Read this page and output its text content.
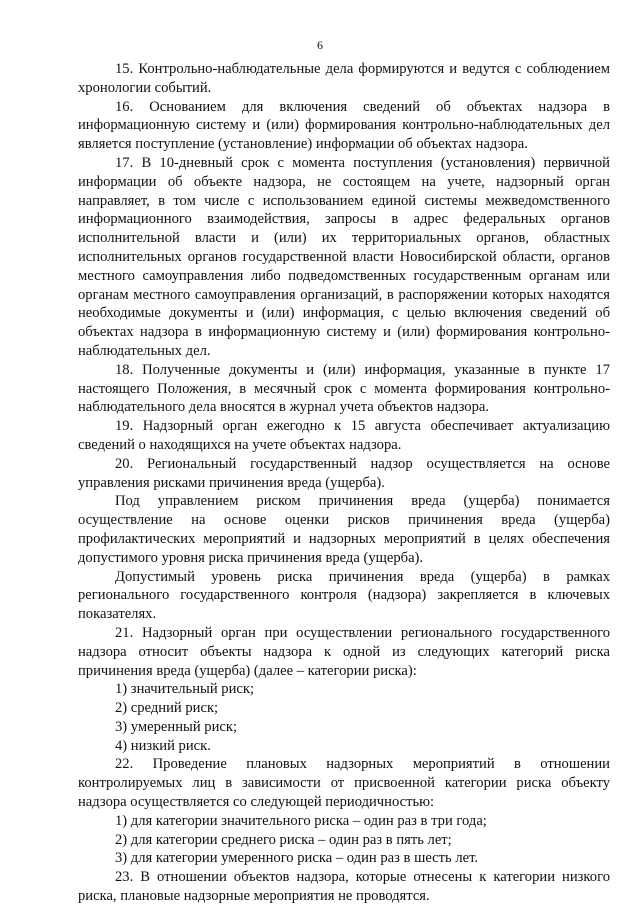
6

15. Контрольно-наблюдательные дела формируются и ведутся с соблюдением хронологии событий.

16. Основанием для включения сведений об объектах надзора в информационную систему и (или) формирования контрольно-наблюдательных дел является поступление (установление) информации об объектах надзора.

17. В 10-дневный срок с момента поступления (установления) первичной информации об объекте надзора, не состоящем на учете, надзорный орган направляет, в том числе с использованием единой системы межведомственного информационного взаимодействия, запросы в адрес федеральных органов исполнительной власти и (или) их территориальных органов, областных исполнительных органов государственной власти Новосибирской области, органов местного самоуправления либо подведомственных государственным органам или органам местного самоуправления организаций, в распоряжении которых находятся необходимые документы и (или) информация, с целью включения сведений об объектах надзора в информационную систему и (или) формирования контрольно-наблюдательных дел.

18. Полученные документы и (или) информация, указанные в пункте 17 настоящего Положения, в месячный срок с момента формирования контрольно-наблюдательного дела вносятся в журнал учета объектов надзора.

19. Надзорный орган ежегодно к 15 августа обеспечивает актуализацию сведений о находящихся на учете объектах надзора.

20. Региональный государственный надзор осуществляется на основе управления рисками причинения вреда (ущерба).

Под управлением риском причинения вреда (ущерба) понимается осуществление на основе оценки рисков причинения вреда (ущерба) профилактических мероприятий и надзорных мероприятий в целях обеспечения допустимого уровня риска причинения вреда (ущерба).

Допустимый уровень риска причинения вреда (ущерба) в рамках регионального государственного контроля (надзора) закрепляется в ключевых показателях.

21. Надзорный орган при осуществлении регионального государственного надзора относит объекты надзора к одной из следующих категорий риска причинения вреда (ущерба) (далее – категории риска):

1) значительный риск;

2) средний риск;

3) умеренный риск;

4) низкий риск.

22. Проведение плановых надзорных мероприятий в отношении контролируемых лиц в зависимости от присвоенной категории риска объекту надзора осуществляется со следующей периодичностью:

1) для категории значительного риска – один раз в три года;

2) для категории среднего риска – один раз в пять лет;

3) для категории умеренного риска – один раз в шесть лет.

23. В отношении объектов надзора, которые отнесены к категории низкого риска, плановые надзорные мероприятия не проводятся.
